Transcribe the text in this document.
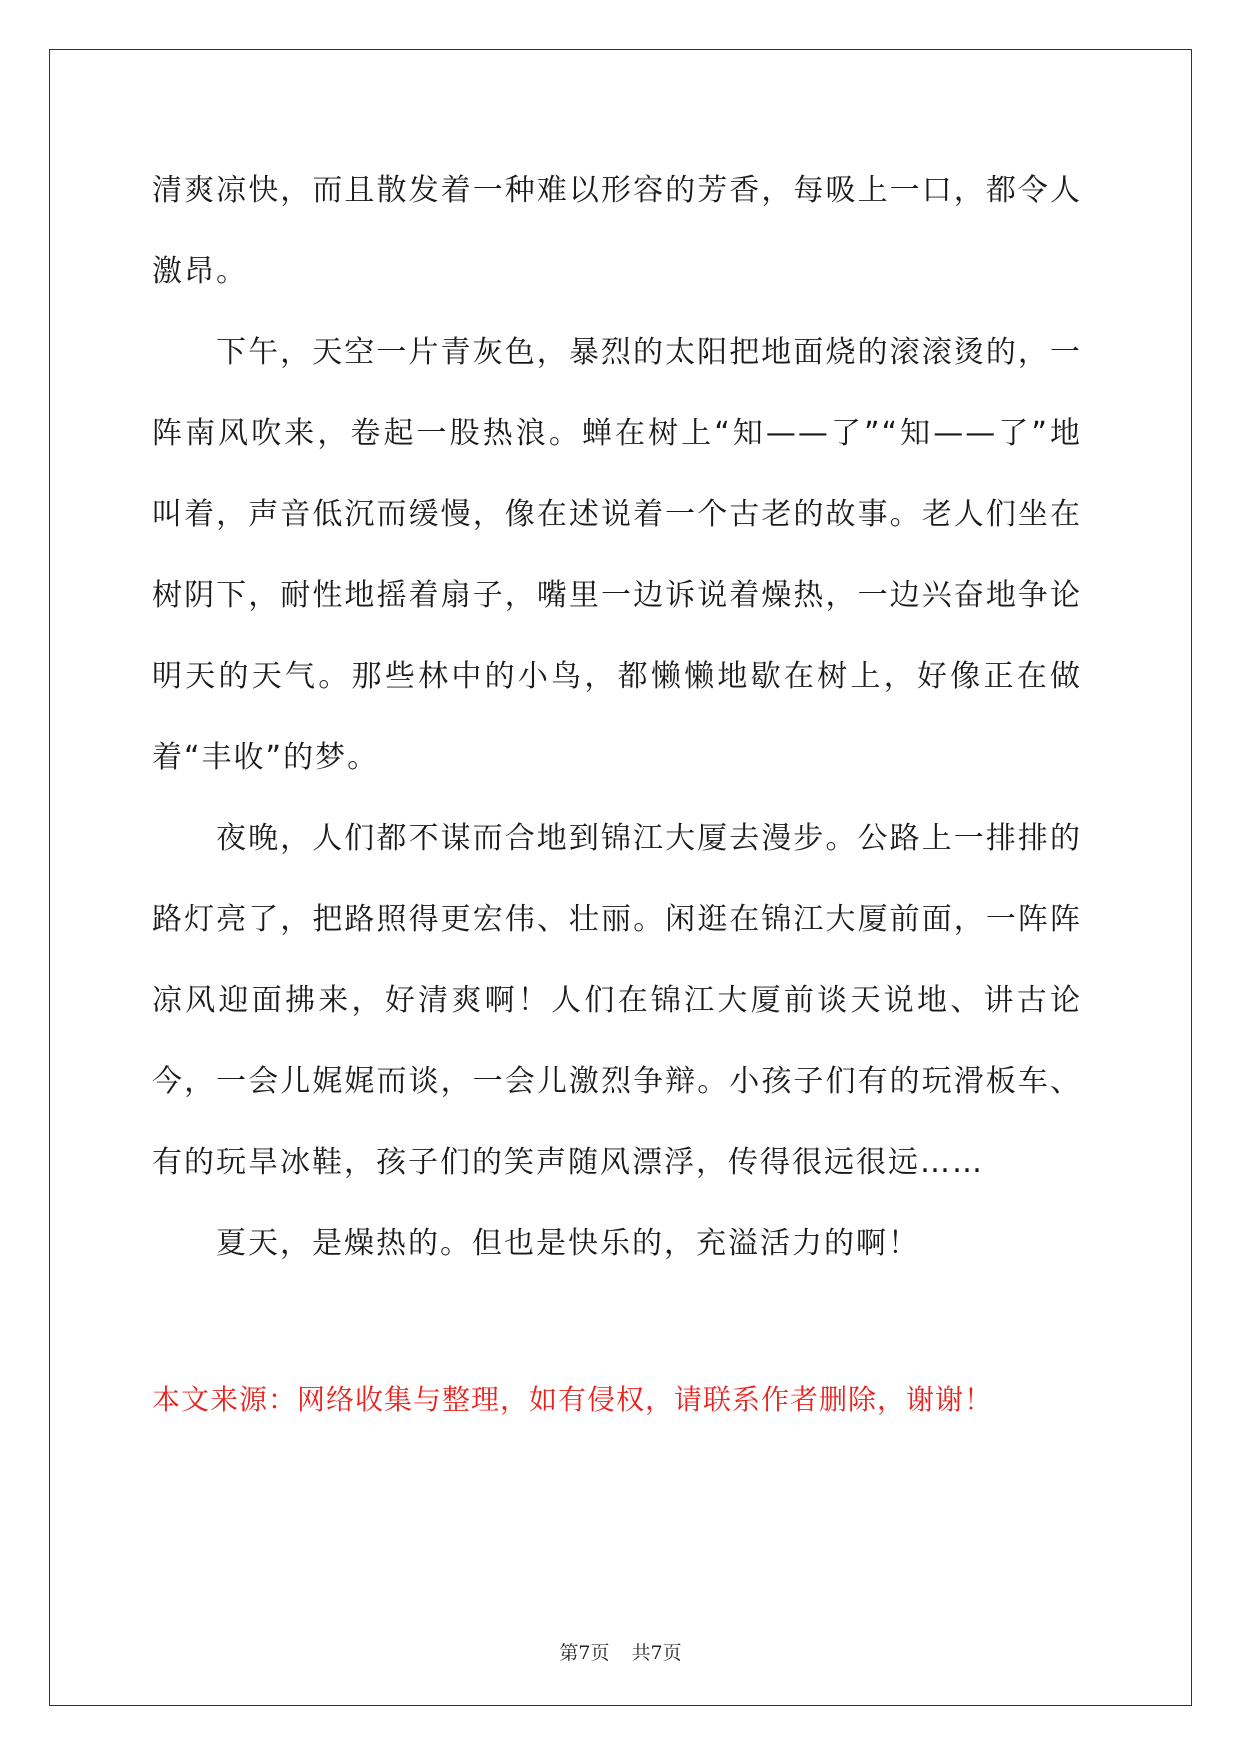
清爽凉快，而且散发着一种难以形容的芳香，每吸上一口，都令人激昂。

下午，天空一片青灰色，暴烈的太阳把地面烧的滚滚烫的，一阵南风吹来，卷起一股热浪。蝉在树上“知——了”“知——了”地叫着，声音低沉而缓慢，像在述说着一个古老的故事。老人们坐在树阴下，耐性地摇着扇子，嘴里一边诉说着燥热，一边兴奋地争论明天的天气。那些林中的小鸟，都懒懒地歇在树上，好像正在做着“丰收”的梦。

夜晚，人们都不谋而合地到锦江大厦去漫步。公路上一排排的路灯亮了，把路照得更宏伟、壮丽。闲逛在锦江大厦前面，一阵阵凉风迎面拂来，好清爽啊！人们在锦江大厦前谈天说地、讲古论今，一会儿娓娓而谈，一会儿激烈争辩。小孩子们有的玩滑板车、有的玩旱冰鞋，孩子们的笑声随风漂浮，传得很远很远……

夏天，是燥热的。但也是快乐的，充溢活力的啊！

本文来源：网络收集与整理，如有侵权，请联系作者删除，谢谢！

第7页 共7页
